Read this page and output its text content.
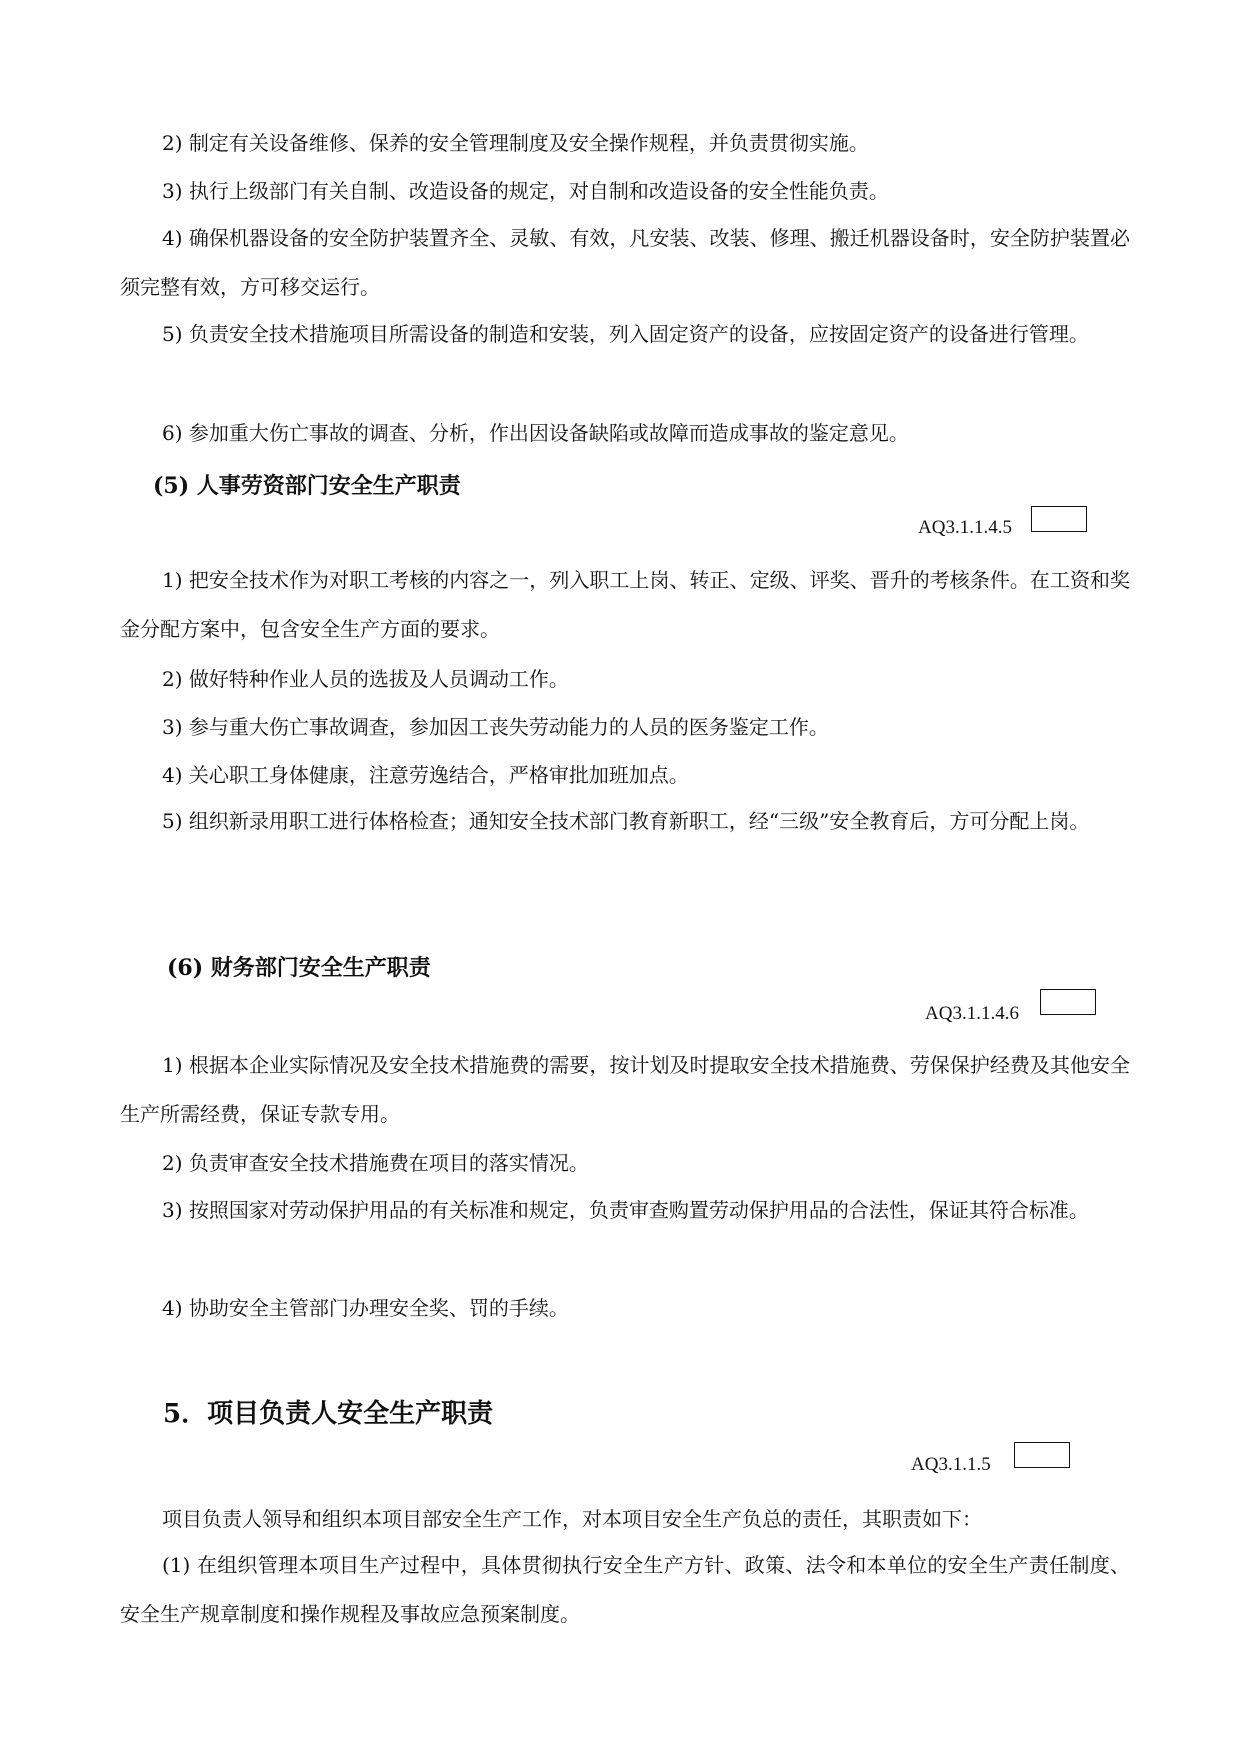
2) 制定有关设备维修、保养的安全管理制度及安全操作规程，并负责贯彻实施。

3) 执行上级部门有关自制、改造设备的规定，对自制和改造设备的安全性能负责。

4) 确保机器设备的安全防护装置齐全、灵敏、有效，凡安装、改装、修理、搬迁机器设备时，安全防护装置必须完整有效，方可移交运行。

5) 负责安全技术措施项目所需设备的制造和安装，列入固定资产的设备，应按固定资产的设备进行管理。

6) 参加重大伤亡事故的调查、分析，作出因设备缺陷或故障而造成事故的鉴定意见。

(5) 人事劳资部门安全生产职责
AQ3.1.1.4.5

1) 把安全技术作为对职工考核的内容之一，列入职工上岗、转正、定级、评奖、晋升的考核条件。在工资和奖金分配方案中，包含安全生产方面的要求。

2) 做好特种作业人员的选拔及人员调动工作。

3) 参与重大伤亡事故调查，参加因工丧失劳动能力的人员的医务鉴定工作。

4) 关心职工身体健康，注意劳逸结合，严格审批加班加点。

5) 组织新录用职工进行体格检查；通知安全技术部门教育新职工，经“三级”安全教育后，方可分配上岗。

(6) 财务部门安全生产职责
AQ3.1.1.4.6

1) 根据本企业实际情况及安全技术措施费的需要，按计划及时提取安全技术措施费、劳保保护经费及其他安全生产所需经费，保证专款专用。

2) 负责审查安全技术措施费在项目的落实情况。

3) 按照国家对劳动保护用品的有关标准和规定，负责审查购置劳动保护用品的合法性，保证其符合标准。

4) 协助安全主管部门办理安全奖、罚的手续。

5．项目负责人安全生产职责
AQ3.1.1.5

项目负责人领导和组织本项目部安全生产工作，对本项目安全生产负总的责任，其职责如下：

(1) 在组织管理本项目生产过程中，具体贯彻执行安全生产方针、政策、法令和本单位的安全生产责任制度、安全生产规章制度和操作规程及事故应急预案制度。
